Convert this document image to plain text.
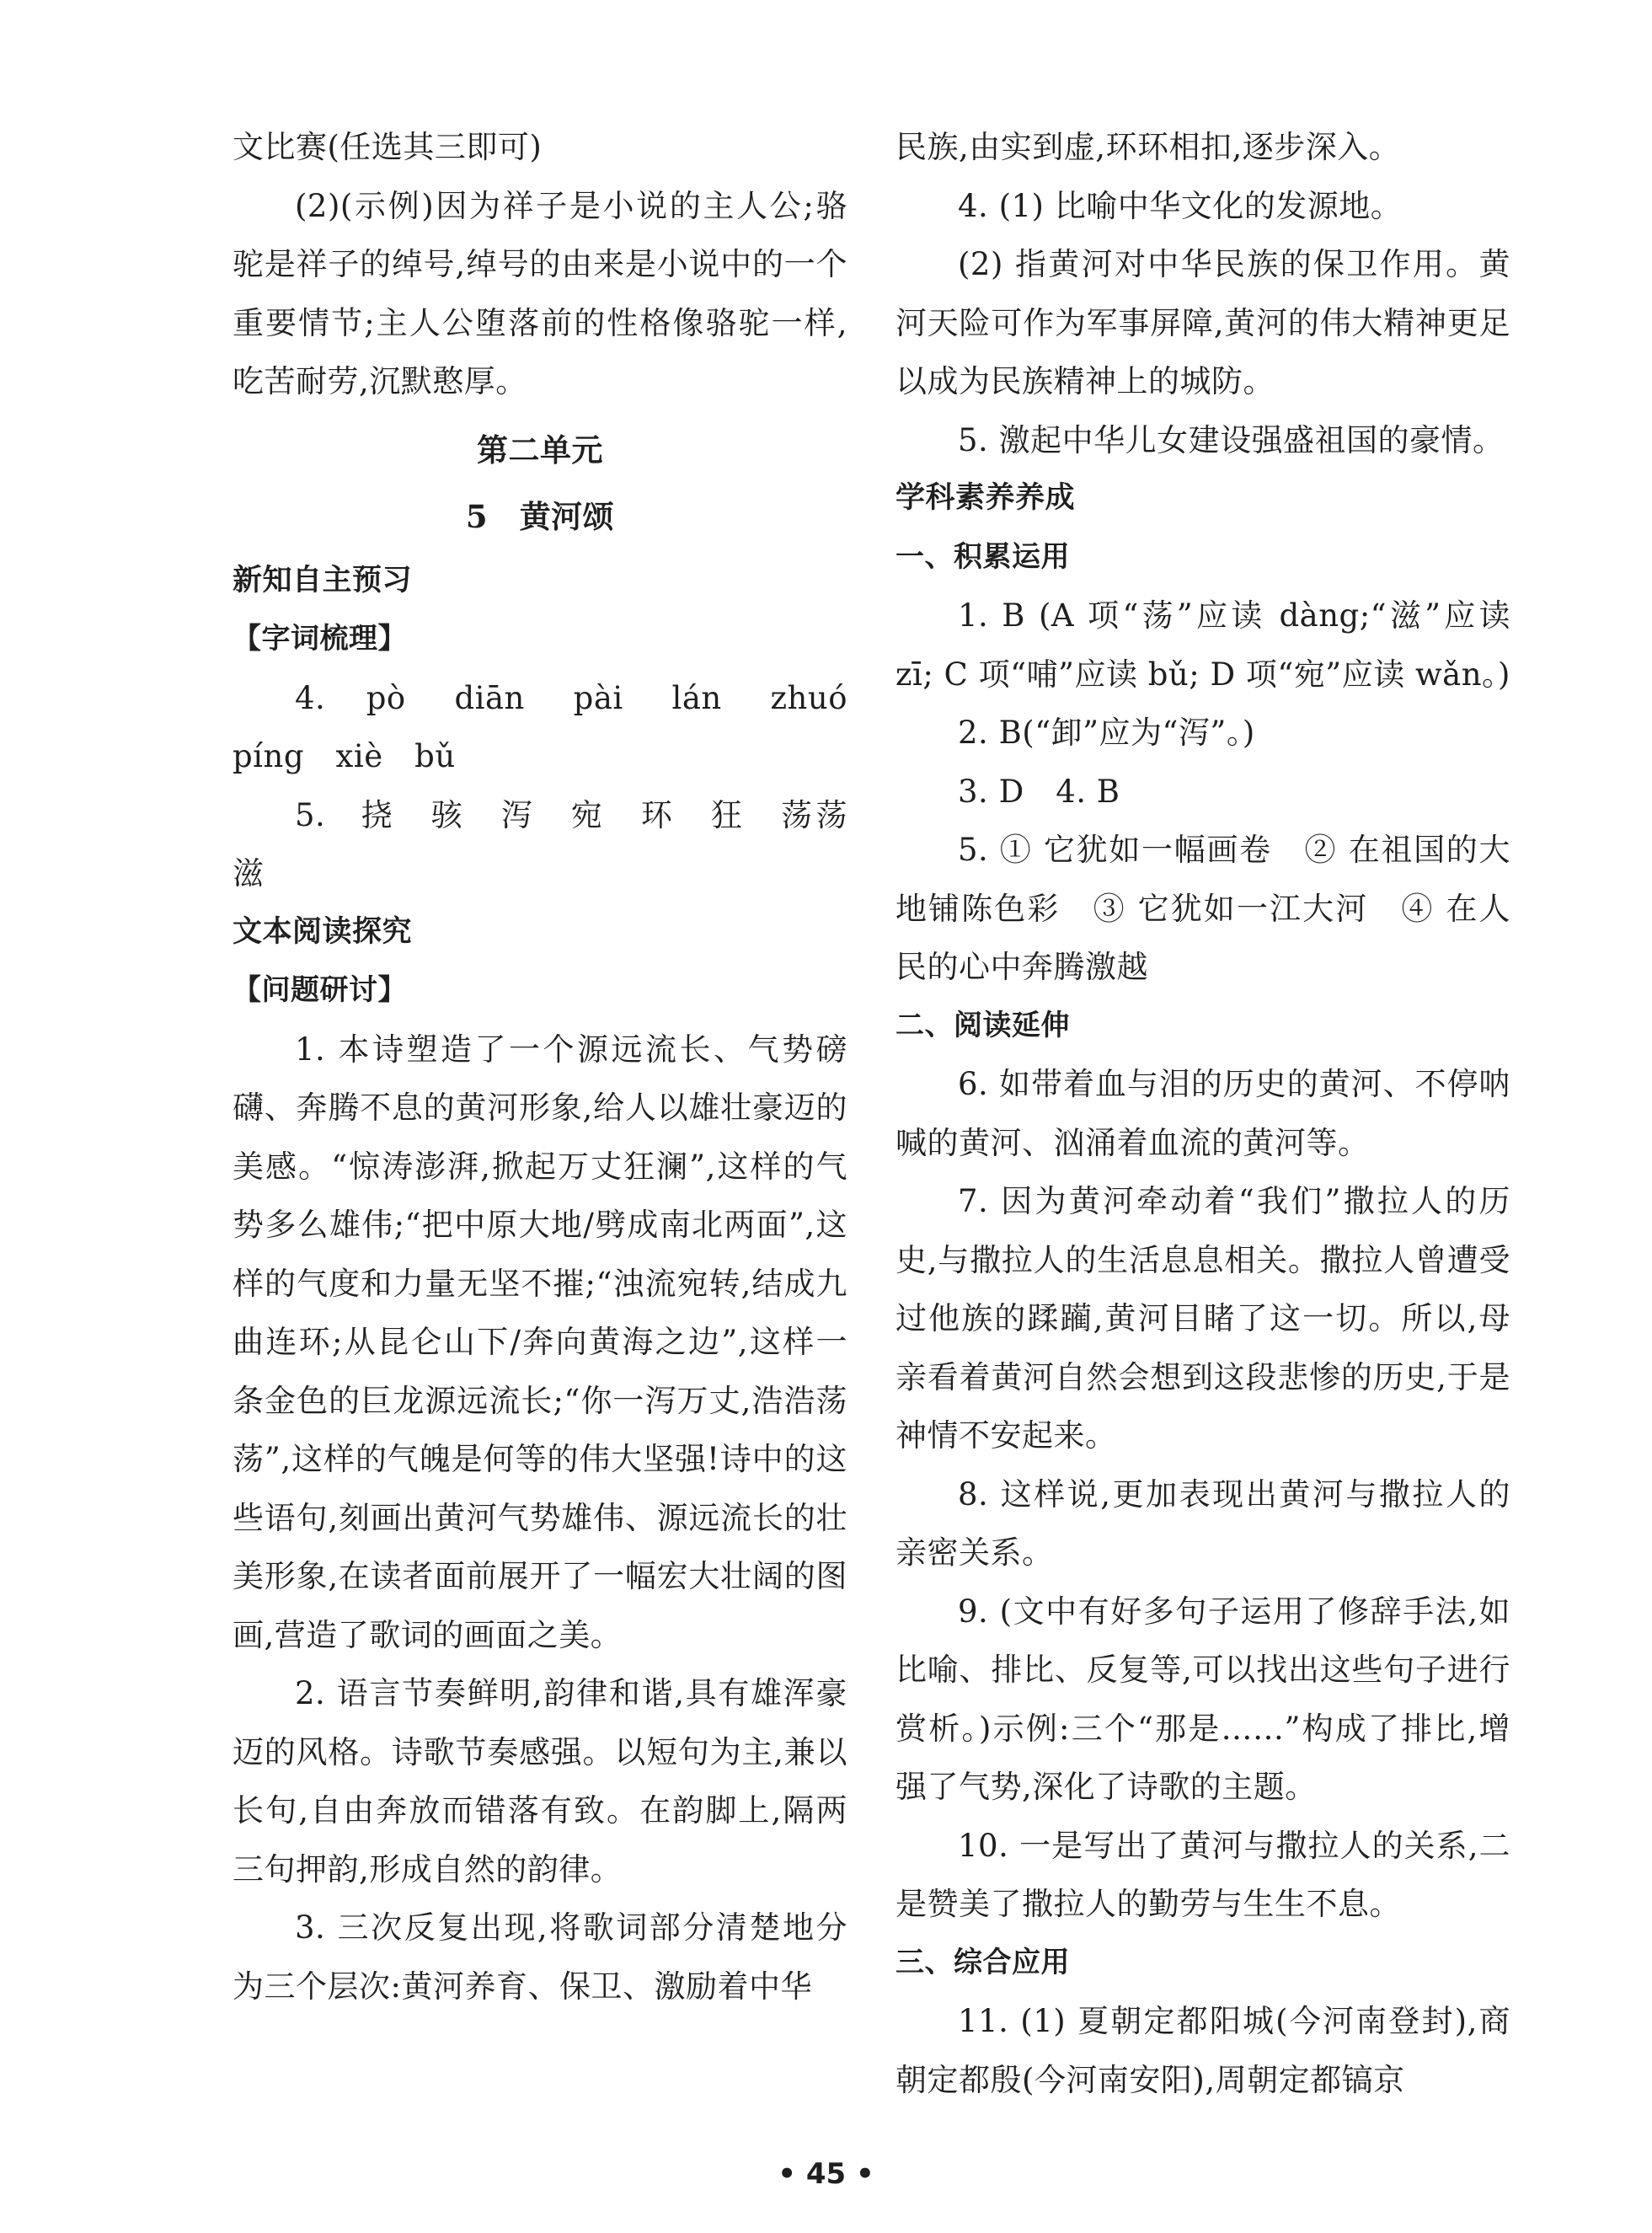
文比赛(任选其三即可)

(2)(示例)因为祥子是小说的主人公;骆驼是祥子的绰号,绰号的由来是小说中的一个重要情节;主人公堕落前的性格像骆驼一样,吃苦耐劳,沉默憨厚。

第二单元

5　黄河颂

新知自主预习

【字词梳理】

4. pò　diān　pài　lán　zhuó　píng　xiè　bǔ

5. 挠　骇　泻　宛　环　狂　荡荡　滋

文本阅读探究

【问题研讨】

1. 本诗塑造了一个源远流长、气势磅礴、奔腾不息的黄河形象,给人以雄壮豪迈的美感。“惊涛澎湃,掀起万丈狂澜”,这样的气势多么雄伟;“把中原大地/劈成南北两面”,这样的气度和力量无坚不摧;“浊流宛转,结成九曲连环;从昆仑山下/奔向黄海之边”,这样一条金色的巨龙源远流长;“你一泻万丈,浩浩荡荡”,这样的气魄是何等的伟大坚强!诗中的这些语句,刻画出黄河气势雄伟、源远流长的壮美形象,在读者面前展开了一幅宏大壮阔的图画,营造了歌词的画面之美。

2. 语言节奏鲜明,韵律和谐,具有雄浑豪迈的风格。诗歌节奏感强。以短句为主,兼以长句,自由奔放而错落有致。在韵脚上,隔两三句押韵,形成自然的韵律。

3. 三次反复出现,将歌词部分清楚地分为三个层次:黄河养育、保卫、激励着中华

民族,由实到虚,环环相扣,逐步深入。

4. (1) 比喻中华文化的发源地。

(2) 指黄河对中华民族的保卫作用。黄河天险可作为军事屏障,黄河的伟大精神更足以成为民族精神上的城防。

5. 激起中华儿女建设强盛祖国的豪情。

学科素养养成

一、积累运用

1. B (A 项“荡”应读 dàng;“滋”应读 zī; C 项“哺”应读 bǔ; D 项“宛”应读 wǎn。)

2. B(“卸”应为“泻”。)

3. D　4. B

5. ① 它犹如一幅画卷　② 在祖国的大地铺陈色彩　③ 它犹如一江大河　④ 在人民的心中奔腾激越

二、阅读延伸

6. 如带着血与泪的历史的黄河、不停呐喊的黄河、汹涌着血流的黄河等。

7. 因为黄河牵动着“我们”撒拉人的历史,与撒拉人的生活息息相关。撒拉人曾遭受过他族的蹂躏,黄河目睹了这一切。所以,母亲看着黄河自然会想到这段悲惨的历史,于是神情不安起来。

8. 这样说,更加表现出黄河与撒拉人的亲密关系。

9. (文中有好多句子运用了修辞手法,如比喻、排比、反复等,可以找出这些句子进行赏析。)示例:三个“那是……”构成了排比,增强了气势,深化了诗歌的主题。

10. 一是写出了黄河与撒拉人的关系,二是赞美了撒拉人的勤劳与生生不息。

三、综合应用

11. (1) 夏朝定都阳城(今河南登封),商朝定都殷(今河南安阳),周朝定都镐京

• 45 •
